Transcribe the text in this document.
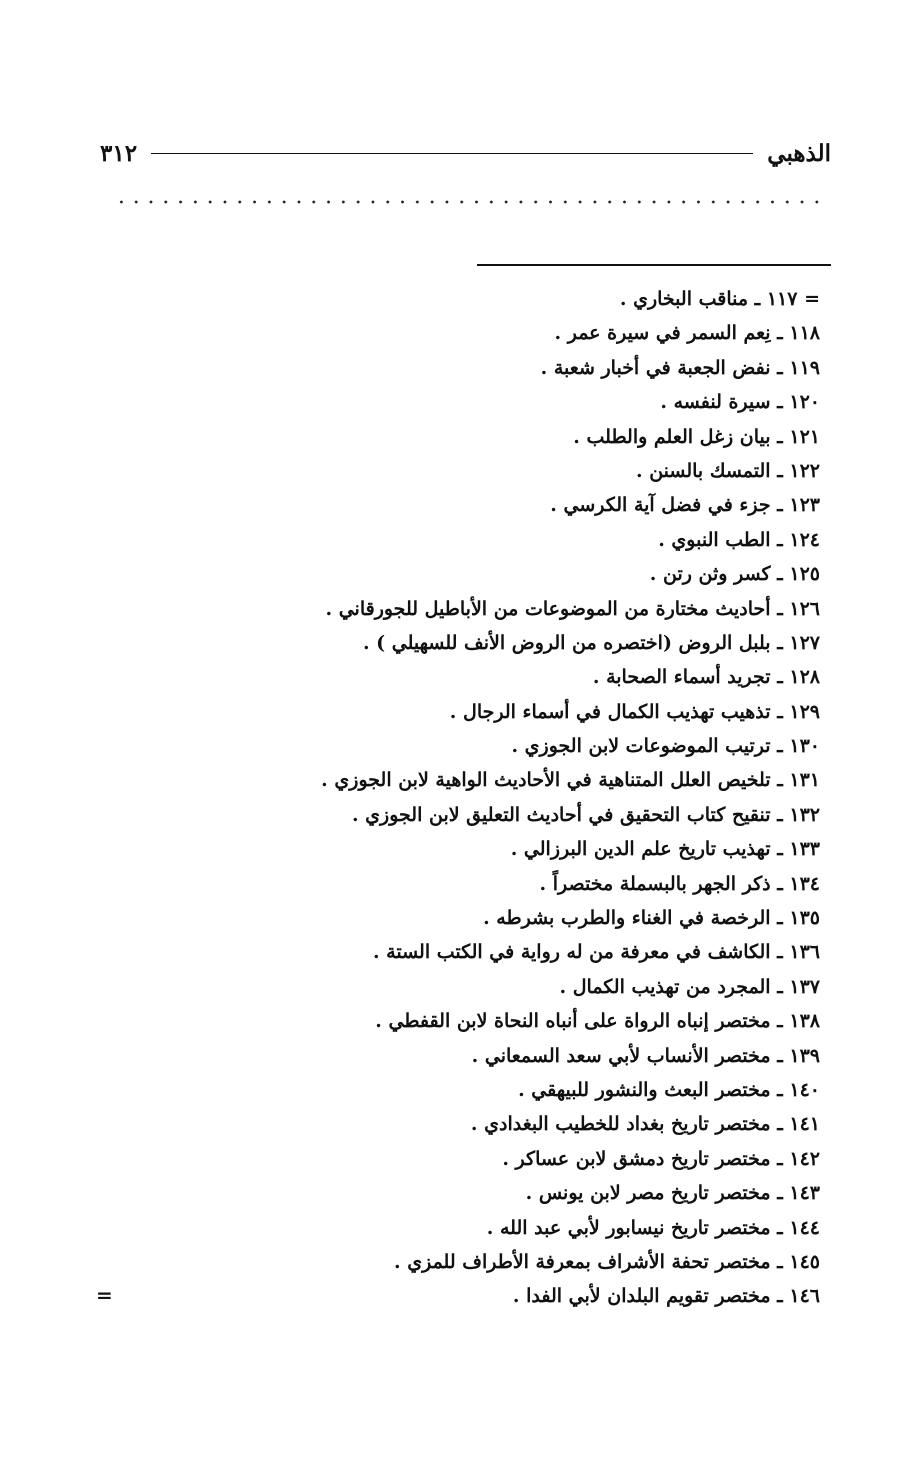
الذهبي
٣١٢
= ١١٧ ـ مناقب البخاري .
١١٨ ـ نِعم السمر في سيرة عمر .
١١٩ ـ نفض الجعبة في أخبار شعبة .
١٢٠ ـ سيرة لنفسه .
١٢١ ـ بيان زغل العلم والطلب .
١٢٢ ـ التمسك بالسنن .
١٢٣ ـ جزء في فضل آية الكرسي .
١٢٤ ـ الطب النبوي .
١٢٥ ـ كسر وثن رتن .
١٢٦ ـ أحاديث مختارة من الموضوعات من الأباطيل للجورقاني .
١٢٧ ـ بلبل الروض (اختصره من الروض الأنف للسهيلي ) .
١٢٨ ـ تجريد أسماء الصحابة .
١٢٩ ـ تذهيب تهذيب الكمال في أسماء الرجال .
١٣٠ ـ ترتيب الموضوعات لابن الجوزي .
١٣١ ـ تلخيص العلل المتناهية في الأحاديث الواهية لابن الجوزي .
١٣٢ ـ تنقيح كتاب التحقيق في أحاديث التعليق لابن الجوزي .
١٣٣ ـ تهذيب تاريخ علم الدين البرزالي .
١٣٤ ـ ذكر الجهر بالبسملة مختصراً .
١٣٥ ـ الرخصة في الغناء والطرب بشرطه .
١٣٦ ـ الكاشف في معرفة من له رواية في الكتب الستة .
١٣٧ ـ المجرد من تهذيب الكمال .
١٣٨ ـ مختصر إنباه الرواة على أنباه النحاة لابن القفطي .
١٣٩ ـ مختصر الأنساب لأبي سعد السمعاني .
١٤٠ ـ مختصر البعث والنشور للبيهقي .
١٤١ ـ مختصر تاريخ بغداد للخطيب البغدادي .
١٤٢ ـ مختصر تاريخ دمشق لابن عساكر .
١٤٣ ـ مختصر تاريخ مصر لابن يونس .
١٤٤ ـ مختصر تاريخ نيسابور لأبي عبد الله .
١٤٥ ـ مختصر تحفة الأشراف بمعرفة الأطراف للمزي .
١٤٦ ـ مختصر تقويم البلدان لأبي الفدا .
=
